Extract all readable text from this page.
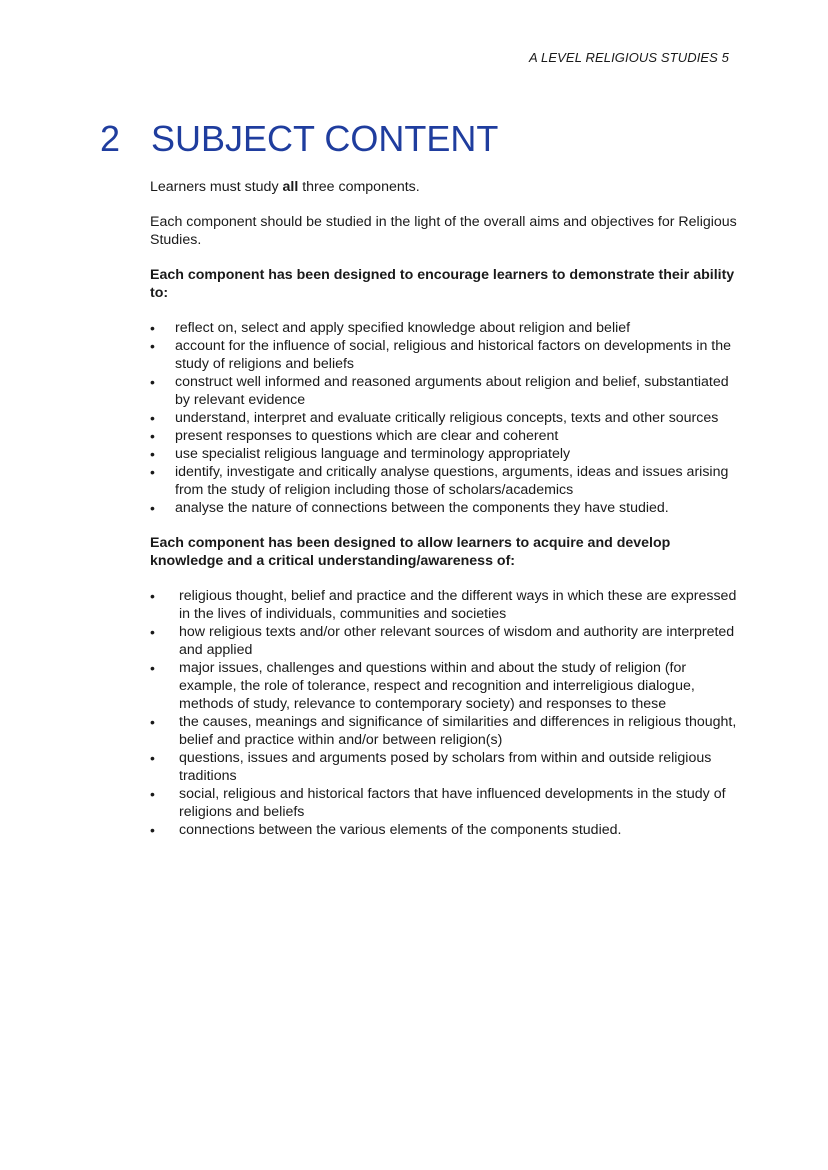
A LEVEL RELIGIOUS STUDIES 5
2 SUBJECT CONTENT

Learners must study all three components.

Each component should be studied in the light of the overall aims and objectives for Religious Studies.

Each component has been designed to encourage learners to demonstrate their ability to:

• reflect on, select and apply specified knowledge about religion and belief
• account for the influence of social, religious and historical factors on developments in the study of religions and beliefs
• construct well informed and reasoned arguments about religion and belief, substantiated by relevant evidence
• understand, interpret and evaluate critically religious concepts, texts and other sources
• present responses to questions which are clear and coherent
• use specialist religious language and terminology appropriately
• identify, investigate and critically analyse questions, arguments, ideas and issues arising from the study of religion including those of scholars/academics
• analyse the nature of connections between the components they have studied.

Each component has been designed to allow learners to acquire and develop knowledge and a critical understanding/awareness of:

• religious thought, belief and practice and the different ways in which these are expressed in the lives of individuals, communities and societies
• how religious texts and/or other relevant sources of wisdom and authority are interpreted and applied
• major issues, challenges and questions within and about the study of religion (for example, the role of tolerance, respect and recognition and interreligious dialogue, methods of study, relevance to contemporary society) and responses to these
• the causes, meanings and significance of similarities and differences in religious thought, belief and practice within and/or between religion(s)
• questions, issues and arguments posed by scholars from within and outside religious traditions
• social, religious and historical factors that have influenced developments in the study of religions and beliefs
• connections between the various elements of the components studied.
